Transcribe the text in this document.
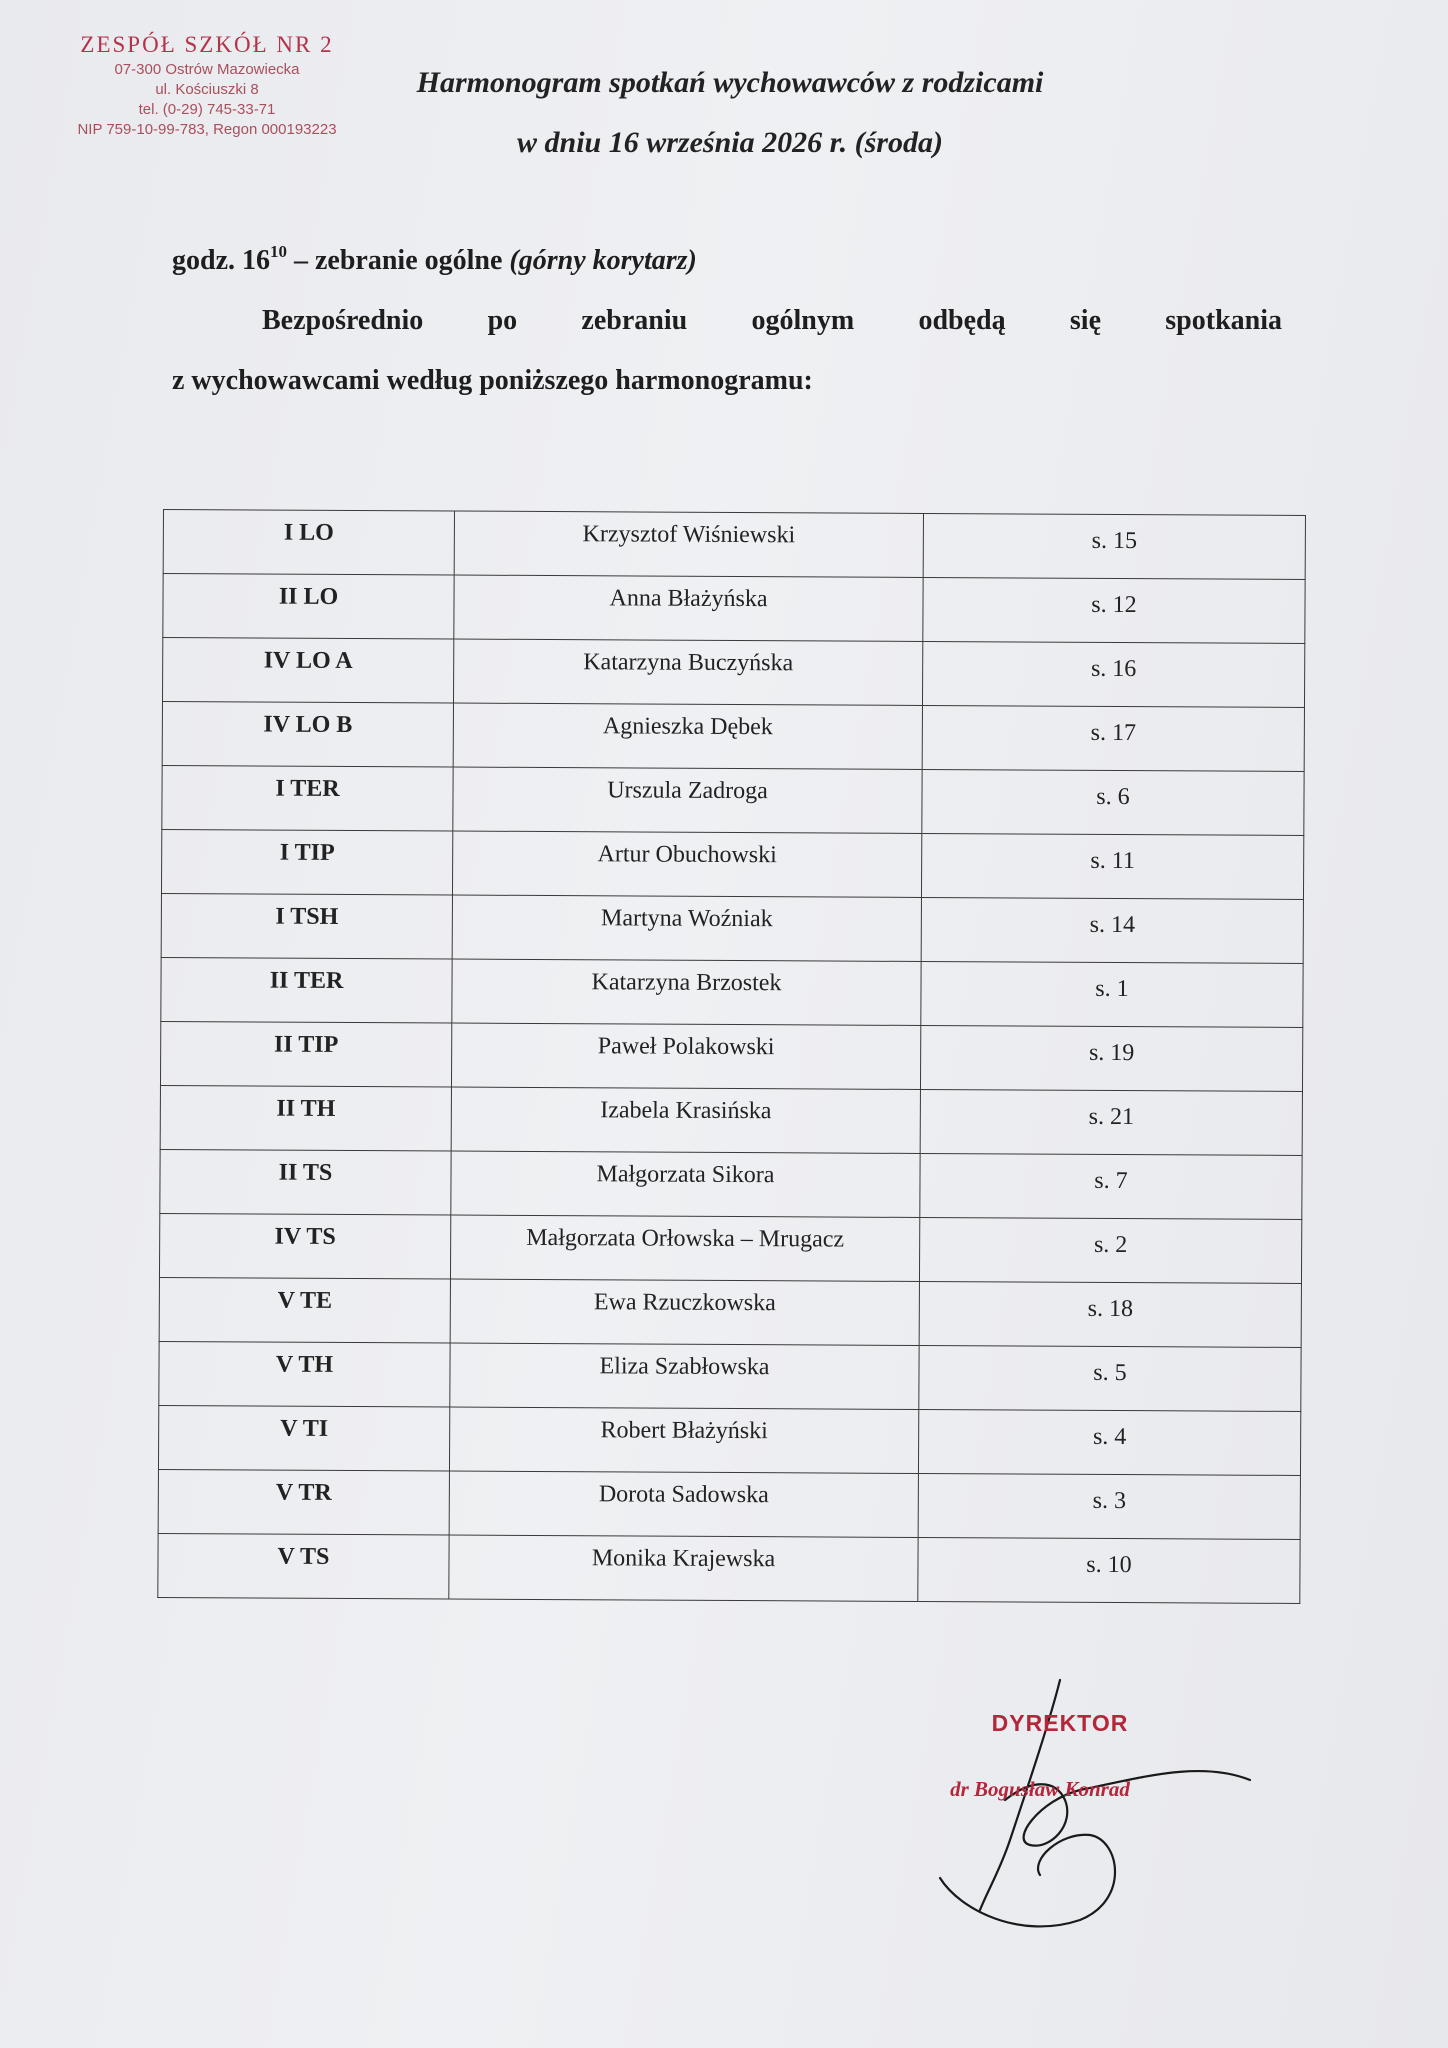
ZESPÓŁ SZKÓŁ NR 2
07-300 Ostrów Mazowiecka
ul. Kościuszki 8
tel. (0-29) 745-33-71
NIP 759-10-99-783, Regon 000193223
Harmonogram spotkań wychowawców z rodzicami
w dniu 16 września 2026 r. (środa)
godz. $16^{10}$ – zebranie ogólne (górny korytarz)
Bezpośrednio po zebraniu ogólnym odbędą się spotkania
z wychowawcami według poniższego harmonogramu:
I LO	Krzysztof Wiśniewski	s. 15
II LO	Anna Błażyńska	s. 12
IV LO A	Katarzyna Buczyńska	s. 16
IV LO B	Agnieszka Dębek	s. 17
I TER	Urszula Zadroga	s. 6
I TIP	Artur Obuchowski	s. 11
I TSH	Martyna Woźniak	s. 14
II TER	Katarzyna Brzostek	s. 1
II TIP	Paweł Polakowski	s. 19
II TH	Izabela Krasińska	s. 21
II TS	Małgorzata Sikora	s. 7
IV TS	Małgorzata Orłowska – Mrugacz	s. 2
V TE	Ewa Rzuczkowska	s. 18
V TH	Eliza Szabłowska	s. 5
V TI	Robert Błażyński	s. 4
V TR	Dorota Sadowska	s. 3
V TS	Monika Krajewska	s. 10
DYREKTOR
dr Bogusław Konrad
